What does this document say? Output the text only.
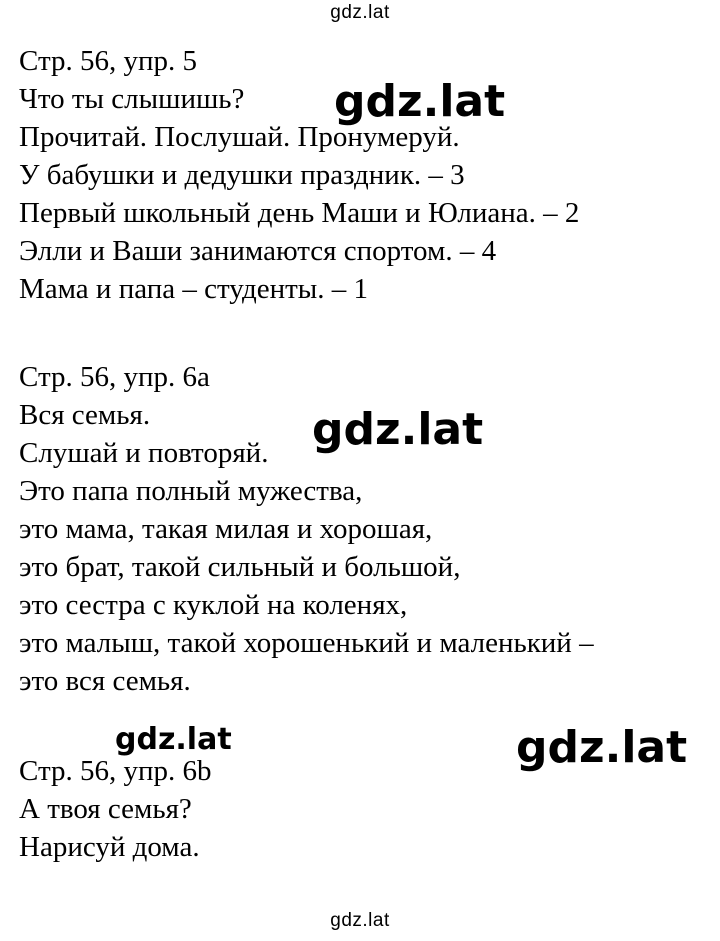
gdz.lat
Стр. 56, упр. 5
Что ты слышишь?
Прочитай. Послушай. Пронумеруй.
У бабушки и дедушки праздник. – 3
Первый школьный день Маши и Юлиана. – 2
Элли и Ваши занимаются спортом. – 4
Мама и папа – студенты. – 1
Стр. 56, упр. 6a
Вся семья.
Слушай и повторяй.
Это папа полный мужества,
это мама, такая милая и хорошая,
это брат, такой сильный и большой,
это сестра с куклой на коленях,
это малыш, такой хорошенький и маленький –
это вся семья.
Стр. 56, упр. 6b
А твоя семья?
Нарисуй дома.
gdz.lat
gdz.lat
gdz.lat	gdz.lat
gdz.lat
